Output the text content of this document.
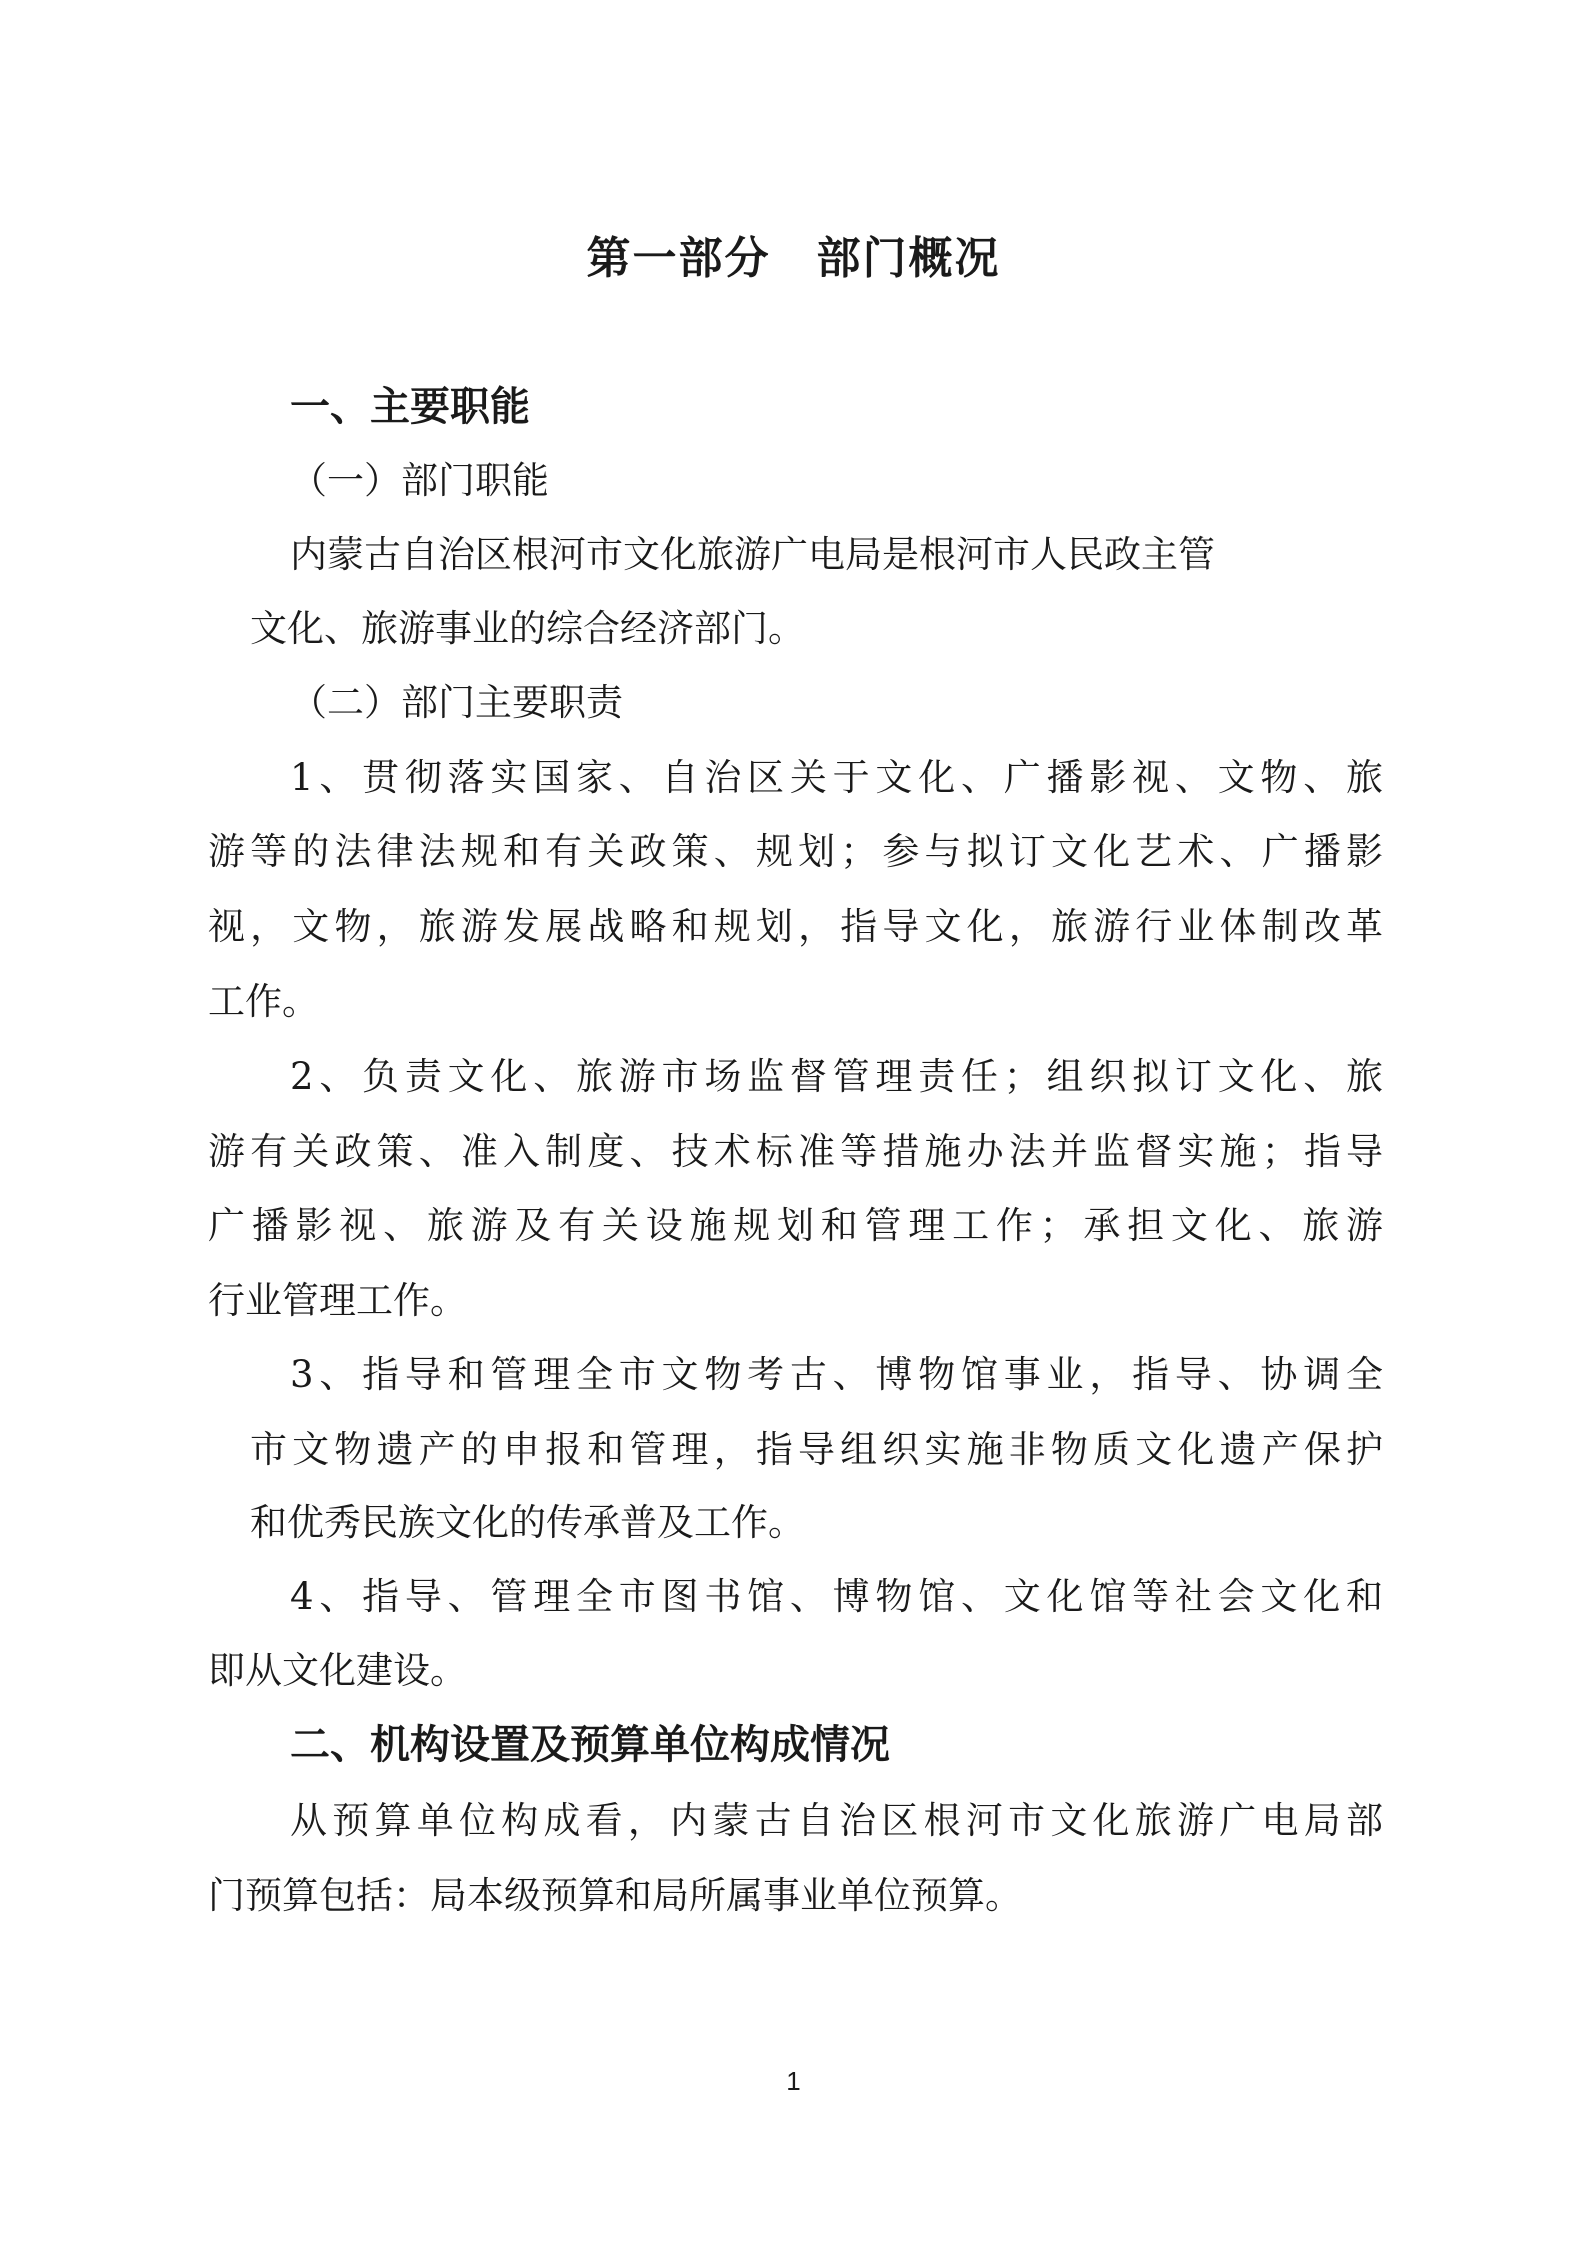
第一部分　部门概况

一、主要职能

（一）部门职能

内蒙古自治区根河市文化旅游广电局是根河市人民政主管

文化、旅游事业的综合经济部门。

（二）部门主要职责

1、贯彻落实国家、自治区关于文化、广播影视、文物、旅

游等的法律法规和有关政策、规划；参与拟订文化艺术、广播影

视，文物，旅游发展战略和规划，指导文化，旅游行业体制改革

工作。

2、负责文化、旅游市场监督管理责任；组织拟订文化、旅

游有关政策、准入制度、技术标准等措施办法并监督实施；指导

广播影视、旅游及有关设施规划和管理工作；承担文化、旅游

行业管理工作。

3、指导和管理全市文物考古、博物馆事业，指导、协调全

市文物遗产的申报和管理，指导组织实施非物质文化遗产保护

和优秀民族文化的传承普及工作。

4、指导、管理全市图书馆、博物馆、文化馆等社会文化和

即从文化建设。

二、机构设置及预算单位构成情况

从预算单位构成看，内蒙古自治区根河市文化旅游广电局部

门预算包括：局本级预算和局所属事业单位预算。

1
